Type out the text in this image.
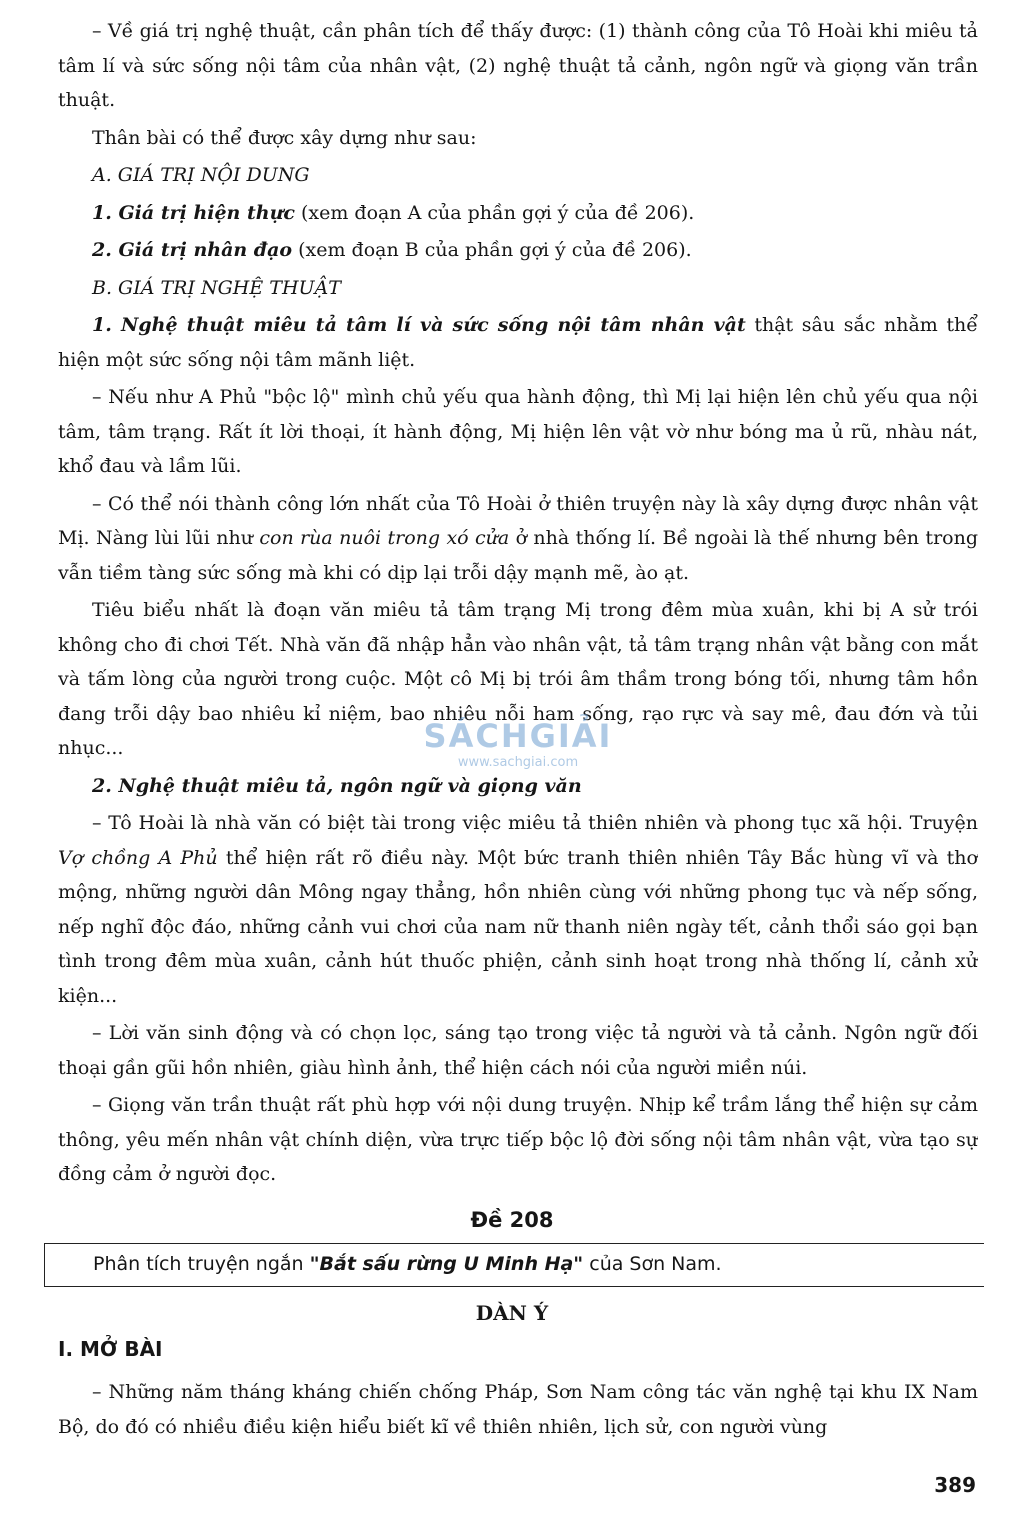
– Về giá trị nghệ thuật, cần phân tích để thấy được: (1) thành công của Tô Hoài khi miêu tả tâm lí và sức sống nội tâm của nhân vật, (2) nghệ thuật tả cảnh, ngôn ngữ và giọng văn trần thuật.

Thân bài có thể được xây dựng như sau:

A. GIÁ TRỊ NỘI DUNG

1. Giá trị hiện thực (xem đoạn A của phần gợi ý của đề 206).

2. Giá trị nhân đạo (xem đoạn B của phần gợi ý của đề 206).

B. GIÁ TRỊ NGHỆ THUẬT

1. Nghệ thuật miêu tả tâm lí và sức sống nội tâm nhân vật thật sâu sắc nhằm thể hiện một sức sống nội tâm mãnh liệt.

– Nếu như A Phủ "bộc lộ" mình chủ yếu qua hành động, thì Mị lại hiện lên chủ yếu qua nội tâm, tâm trạng. Rất ít lời thoại, ít hành động, Mị hiện lên vật vờ như bóng ma ủ rũ, nhàu nát, khổ đau và lầm lũi.

– Có thể nói thành công lớn nhất của Tô Hoài ở thiên truyện này là xây dựng được nhân vật Mị. Nàng lùi lũi như con rùa nuôi trong xó cửa ở nhà thống lí. Bề ngoài là thế nhưng bên trong vẫn tiềm tàng sức sống mà khi có dịp lại trỗi dậy mạnh mẽ, ào ạt.

Tiêu biểu nhất là đoạn văn miêu tả tâm trạng Mị trong đêm mùa xuân, khi bị A sử trói không cho đi chơi Tết. Nhà văn đã nhập hẳn vào nhân vật, tả tâm trạng nhân vật bằng con mắt và tấm lòng của người trong cuộc. Một cô Mị bị trói âm thầm trong bóng tối, nhưng tâm hồn đang trỗi dậy bao nhiêu kỉ niệm, bao nhiêu nỗi ham sống, rạo rực và say mê, đau đớn và tủi nhục...

2. Nghệ thuật miêu tả, ngôn ngữ và giọng văn

– Tô Hoài là nhà văn có biệt tài trong việc miêu tả thiên nhiên và phong tục xã hội. Truyện Vợ chồng A Phủ thể hiện rất rõ điều này. Một bức tranh thiên nhiên Tây Bắc hùng vĩ và thơ mộng, những người dân Mông ngay thẳng, hồn nhiên cùng với những phong tục và nếp sống, nếp nghĩ độc đáo, những cảnh vui chơi của nam nữ thanh niên ngày tết, cảnh thổi sáo gọi bạn tình trong đêm mùa xuân, cảnh hút thuốc phiện, cảnh sinh hoạt trong nhà thống lí, cảnh xử kiện...

– Lời văn sinh động và có chọn lọc, sáng tạo trong việc tả người và tả cảnh. Ngôn ngữ đối thoại gần gũi hồn nhiên, giàu hình ảnh, thể hiện cách nói của người miền núi.

– Giọng văn trần thuật rất phù hợp với nội dung truyện. Nhịp kể trầm lắng thể hiện sự cảm thông, yêu mến nhân vật chính diện, vừa trực tiếp bộc lộ đời sống nội tâm nhân vật, vừa tạo sự đồng cảm ở người đọc.

SÁCHGIẢI
www.sachgiai.com
Đề 208
Phân tích truyện ngắn "Bắt sấu rừng U Minh Hạ" của Sơn Nam.
DÀN Ý
I. MỞ BÀI

– Những năm tháng kháng chiến chống Pháp, Sơn Nam công tác văn nghệ tại khu IX Nam Bộ, do đó có nhiều điều kiện hiểu biết kĩ về thiên nhiên, lịch sử, con người vùng

389
